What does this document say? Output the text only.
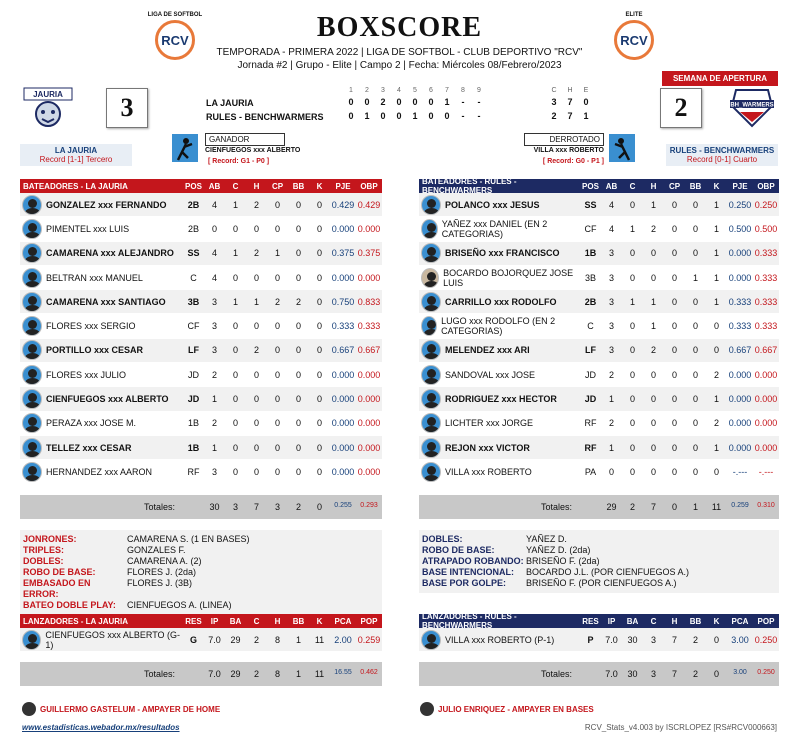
LIGA DE SOFTBOL
RCV
ELITE
RCV
BOXSCORE
TEMPORADA - PRIMERA 2022 | LIGA DE SOFTBOL - CLUB DEPORTIVO "RCV"
Jornada #2 | Grupo - Elite | Campo 2 | Fecha: Miércoles 08/Febrero/2023
SEMANA DE APERTURA
JAURIA	3	2	BH_WARMERS
LA JAURIA
RULES - BENCHWARMERS
1	2	3	4	5	6	7	8	9
0	0	2	0	0	0	1	-	-
0	1	0	0	1	0	0	-	-
C	H	E
3	7	0
2	7	1
LA JAURIA
Record [1-1] Tercero
RULES - BENCHWARMERS
Record [0-1] Cuarto
GANADOR
CIENFUEGOS xxx ALBERTO
[ Record: G1 - P0 ]
DERROTADO
VILLA xxx ROBERTO
[ Record: G0 - P1 ]
BATEADORES - LA JAURIA	POS AB	C	H	CP	BB	K	PJE	OBP
GONZALEZ xxx FERNANDO	2B	4	1	2	0	0	0	0.429 0.429
PIMENTEL xxx LUIS	2B	0	0	0	0	0	0	0.000 0.000
CAMARENA xxx ALEJANDRO	SS	4	1	2	1	0	0	0.375 0.375
BELTRAN xxx MANUEL	C	4	0	0	0	0	0	0.000 0.000
CAMARENA xxx SANTIAGO	3B	3	1	1	2	2	0	0.750 0.833
FLORES xxx SERGIO	CF	3	0	0	0	0	0	0.333 0.333
PORTILLO xxx CESAR	LF	3	0	2	0	0	0	0.667 0.667
FLORES xxx JULIO	JD	2	0	0	0	0	0	0.000 0.000
CIENFUEGOS xxx ALBERTO	JD	1	0	0	0	0	0	0.000 0.000
PERAZA xxx JOSE M.	1B	2	0	0	0	0	0	0.000 0.000
TELLEZ xxx CESAR	1B	1	0	0	0	0	0	0.000 0.000
HERNANDEZ xxx AARON	RF	3	0	0	0	0	0	0.000 0.000
Totales:	30	3	7	3	2	0	0.255	0.293
BATEADORES - RULES - BENCHWARMERS	POS AB	C	H	CP	BB	K	PJE	OBP
POLANCO xxx JESUS	SS	4	0	1	0	0	1	0.250 0.250
YAÑEZ xxx DANIEL (EN 2 CATEGORIAS)	CF	4	1	2	0	0	1	0.500 0.500
BRISEÑO xxx FRANCISCO	1B	3	0	0	0	0	1	0.000 0.333
BOCARDO BOJORQUEZ JOSE LUIS	3B	3	0	0	0	1	1	0.000 0.333
CARRILLO xxx RODOLFO	2B	3	1	1	0	0	1	0.333 0.333
LUGO xxx RODOLFO (EN 2 CATEGORIAS)	C	3	0	1	0	0	0	0.333 0.333
MELENDEZ xxx ARI	LF	3	0	2	0	0	0	0.667 0.667
SANDOVAL xxx JOSE	JD	2	0	0	0	0	2	0.000 0.000
RODRIGUEZ xxx HECTOR	JD	1	0	0	0	0	1	0.000 0.000
LICHTER xxx JORGE	RF	2	0	0	0	0	2	0.000 0.000
REJON xxx VICTOR	RF	1	0	0	0	0	1	0.000 0.000
VILLA xxx ROBERTO	PA	0	0	0	0	0	0	-.---	-.---
Totales:	29	2	7	0	1	11	0.259	0.310
JONRONES:	CAMARENA S. (1 EN BASES)
TRIPLES:	GONZALES F.
DOBLES:	CAMARENA A. (2)
ROBO DE BASE:	FLORES J. (2da)
EMBASADO EN ERROR:
FLORES J. (3B)
BATEO DOBLE PLAY:	CIENFUEGOS A. (LINEA)
DOBLES:	YAÑEZ D.
ROBO DE BASE:	YAÑEZ D. (2da)
ATRAPADO ROBANDO: BRISEÑO F. (2da)
BASE INTENCIONAL:	BOCARDO J.L. (POR CIENFUEGOS A.)
BASE POR GOLPE:	BRISEÑO F. (POR CIENFUEGOS A.)
LANZADORES - LA JAURIA	RES	IP	BA	C	H	BB	K	PCA	POP
CIENFUEGOS xxx ALBERTO (G-1)	G	7.0	29	2	8	1	11	2.00 0.259
Totales:	7.0	29	2	8	1	11	16.55	0.462
LANZADORES - RULES - BENCHWARMERS	RES	IP	BA	C	H	BB	K	PCA	POP
VILLA xxx ROBERTO (P-1)	P	7.0	30	3	7	2	0	3.00 0.250
Totales:	7.0	30	3	7	2	0	3.00	0.250
GUILLERMO GASTELUM - AMPAYER DE HOME
www.estadisticas.webador.mx/resultados
JULIO ENRIQUEZ - AMPAYER EN BASES
RCV_Stats_v4.003 by ISCRLOPEZ [RS#RCV000663]
